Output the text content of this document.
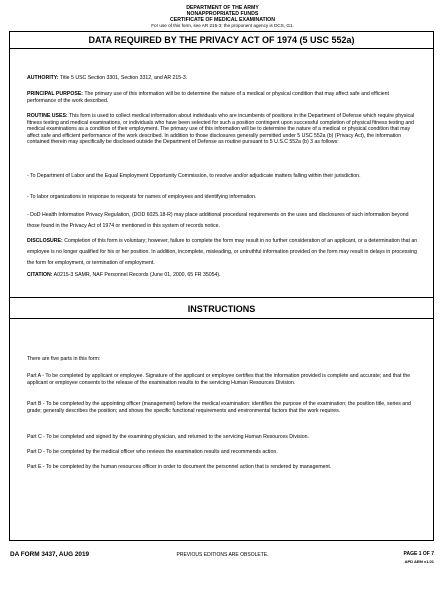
DEPARTMENT OF THE ARMY
NONAPPROPRIATED FUNDS
CERTIFICATE OF MEDICAL EXAMINATION
For use of this form, see AR 215-3; the proponent agency is DCS, G1.
DATA REQUIRED BY THE PRIVACY ACT OF 1974 (5 USC 552a)
AUTHORITY: Title 5 USC Section 3301, Section 3312, and AR 215-3.
PRINCIPAL PURPOSE: The primary use of this information will be to determine the nature of a medical or physical condition that may affect safe and efficient performance of the work described.
ROUTINE USES: This form is used to collect medical information about individuals who are incumbents of positions in the Department of Defense which require physical fitness testing and medical examinations, or individuals who have been selected for such a position contingent upon successful completion of physical fitness testing and medical examinations as a condition of their employment. The primary use of this information will be to determine the nature of a medical or physical condition that may affect safe and efficient performance of the work described. In addition to those disclosures generally permitted under 5 USC 552a (b) (Privacy Act), the information contained therein may specifically be disclosed outside the Department of Defense as routine pursuant to 5 U.S.C 552a (b) 3 as follows:
- To Department of Labor and the Equal Employment Opportunity Commission, to resolve and/or adjudicate matters falling within their jurisdiction.
- To labor organizations in response to requests for names of employees and identifying information.
- DoD Health Information Privacy Regulation, (DOD 6025.18-R) may place additional procedural requirements on the uses and disclosures of such information beyond those found in the Privacy Act of 1974 or mentioned in this system of records notice.
DISCLOSURE: Completion of this form is voluntary; however, failure to complete the form may result in no further consideration of an applicant, or a determination that an employee is no longer qualified for his or her position. In addition, incomplete, misleading, or untruthful information provided on the form may result in delays in processing the form for employment, or termination of employment.
CITATION: A0215-3 SAMR, NAF Personnel Records (June 01, 2000, 65 FR 35054).
INSTRUCTIONS
There are five parts in this form:
Part A - To be completed by applicant or employee. Signature of the applicant or employee certifies that the information provided is complete and accurate; and that the applicant or employee consents to the release of the examination results to the servicing Human Resources Division.
Part B - To be completed by the appointing officer (management) before the medical examination: identifies the purpose of the examination; the position title, series and grade; generally describes the position; and shows the specific functional requirements and environmental factors that the work requires.
Part C - To be completed and signed by the examining physician, and returned to the servicing Human Resources Division.
Part D - To be completed by the medical officer who reviews the examination results and recommends action.
Part E - To be completed by the human resources officer in order to document the personnel action that is rendered by management.
DA FORM 3437, AUG 2019	PREVIOUS EDITIONS ARE OBSOLETE.	PAGE 1 OF 7
APD AEM v1.01
